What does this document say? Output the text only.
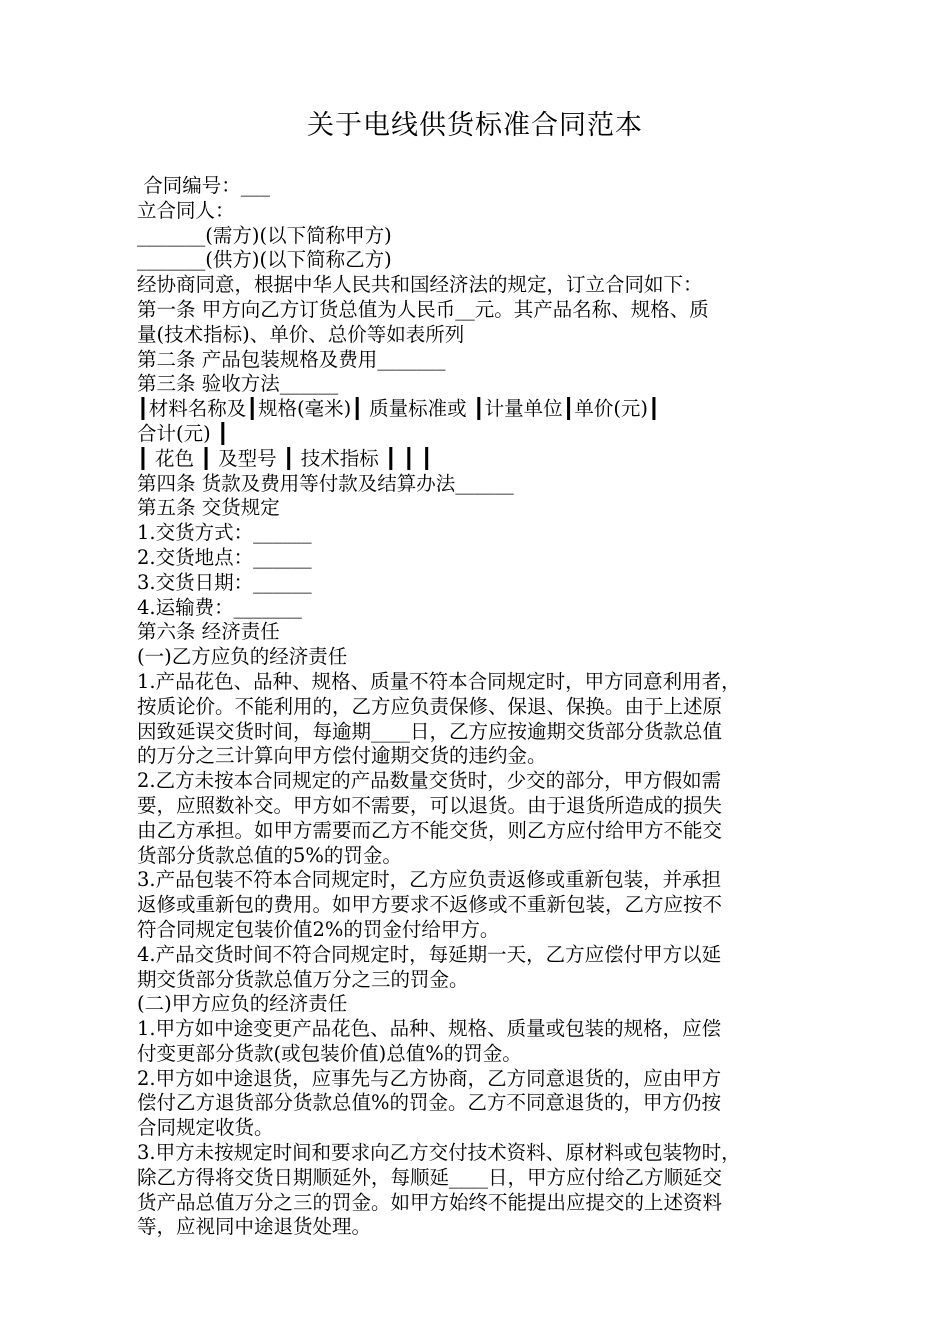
关于电线供货标准合同范本
合同编号：___
立合同人：
_______(需方)(以下简称甲方)
_______(供方)(以下简称乙方)
经协商同意，根据中华人民共和国经济法的规定，订立合同如下：
第一条 甲方向乙方订货总值为人民币__元。其产品名称、规格、质
量(技术指标)、单价、总价等如表所列
第二条 产品包装规格及费用_______
第三条 验收方法______
┃材料名称及┃规格(毫米)┃ 质量标准或 ┃计量单位┃单价(元)┃
合计(元) ┃
┃ 花色 ┃ 及型号 ┃ 技术指标 ┃ ┃ ┃
第四条 货款及费用等付款及结算办法______
第五条 交货规定
1.交货方式：______
2.交货地点：______
3.交货日期：______
4.运输费：_______
第六条 经济责任
(一)乙方应负的经济责任
1.产品花色、品种、规格、质量不符本合同规定时，甲方同意利用者，
按质论价。不能利用的，乙方应负责保修、保退、保换。由于上述原
因致延误交货时间，每逾期____日，乙方应按逾期交货部分货款总值
的万分之三计算向甲方偿付逾期交货的违约金。
2.乙方未按本合同规定的产品数量交货时，少交的部分，甲方假如需
要，应照数补交。甲方如不需要，可以退货。由于退货所造成的损失
由乙方承担。如甲方需要而乙方不能交货，则乙方应付给甲方不能交
货部分货款总值的5%的罚金。
3.产品包装不符本合同规定时，乙方应负责返修或重新包装，并承担
返修或重新包的费用。如甲方要求不返修或不重新包装，乙方应按不
符合同规定包装价值2%的罚金付给甲方。
4.产品交货时间不符合同规定时，每延期一天，乙方应偿付甲方以延
期交货部分货款总值万分之三的罚金。
(二)甲方应负的经济责任
1.甲方如中途变更产品花色、品种、规格、质量或包装的规格，应偿
付变更部分货款(或包装价值)总值%的罚金。
2.甲方如中途退货，应事先与乙方协商，乙方同意退货的，应由甲方
偿付乙方退货部分货款总值%的罚金。乙方不同意退货的，甲方仍按
合同规定收货。
3.甲方未按规定时间和要求向乙方交付技术资料、原材料或包装物时，
除乙方得将交货日期顺延外，每顺延____日，甲方应付给乙方顺延交
货产品总值万分之三的罚金。如甲方始终不能提出应提交的上述资料
等，应视同中途退货处理。
